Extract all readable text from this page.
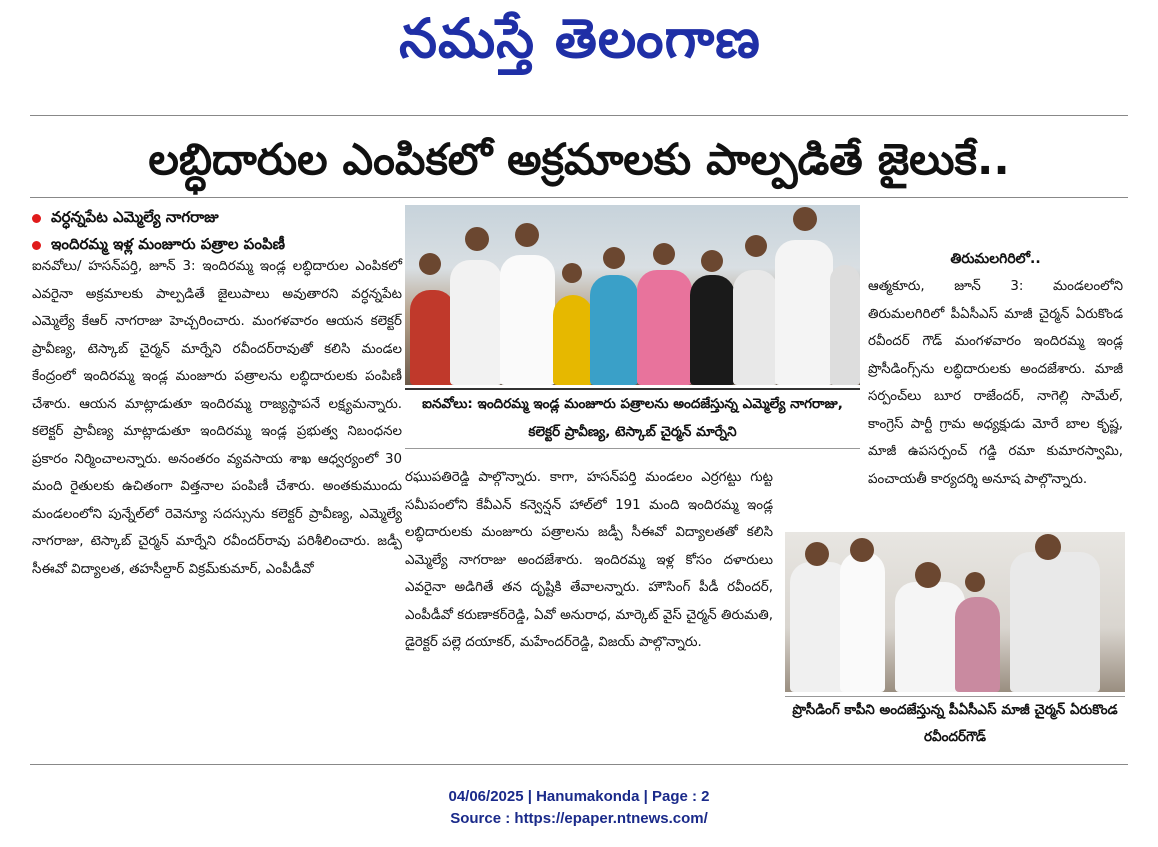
నమస్తే తెలంగాణ
లబ్ధిదారుల ఎంపికలో అక్రమాలకు పాల్పడితే జైలుకే..
వర్ధన్నపేట ఎమ్మెల్యే నాగరాజు
ఇందిరమ్మ ఇళ్ల మంజూరు పత్రాల పంపిణీ

ఐనవోలు/ హసన్‌పర్తి, జూన్ 3: ఇందిరమ్మ ఇండ్ల లబ్ధిదారుల ఎంపికలో ఎవరైనా అక్రమాలకు పాల్పడితే జైలుపాలు అవుతారని వర్ధన్నపేట ఎమ్మెల్యే కేఆర్ నాగరాజు హెచ్చరించారు. మంగళవారం ఆయన కలెక్టర్ ప్రావీణ్య, టెస్కాబ్ చైర్మన్ మార్నేని రవీందర్‌రావుతో కలిసి మండల కేంద్రంలో ఇందిరమ్మ ఇండ్ల మంజూరు పత్రాలను లబ్ధిదారులకు పంపిణీ చేశారు. ఆయన మాట్లాడుతూ ఇందిరమ్మ రాజ్యస్థాపనే లక్ష్యమన్నారు. కలెక్టర్ ప్రావీణ్య మాట్లాడుతూ ఇందిరమ్మ ఇండ్ల ప్రభుత్వ నిబంధనల ప్రకారం నిర్మించాలన్నారు. అనంతరం వ్యవసాయ శాఖ ఆధ్వర్యంలో 30 మంది రైతులకు ఉచితంగా విత్తనాల పంపిణీ చేశారు. అంతకుముందు మండలంలోని పున్నేల్‌లో రెవెన్యూ సదస్సును కలెక్టర్ ప్రావీణ్య, ఎమ్మెల్యే నాగరాజు, టెస్కాబ్ చైర్మన్ మార్నేని రవీందర్‌రావు పరిశీలించారు. జడ్పీ సీఈవో విద్యాలత, తహసీల్దార్ విక్రమ్‌కుమార్, ఎంపీడీవో

ఐనవోలు: ఇందిరమ్మ ఇండ్ల మంజూరు పత్రాలను అందజేస్తున్న ఎమ్మెల్యే నాగరాజు, కలెక్టర్ ప్రావీణ్య, టెస్కాబ్ చైర్మన్ మార్నేని

రఘుపతిరెడ్డి పాల్గొన్నారు. కాగా, హసన్‌పర్తి మండలం ఎర్రగట్టు గుట్ట సమీపంలోని కేవీఎన్ కన్వెన్షన్ హాల్‌లో 191 మంది ఇందిరమ్మ ఇండ్ల లబ్ధిదారులకు మంజూరు పత్రాలను జడ్పీ సీఈవో విద్యాలతతో కలిసి ఎమ్మెల్యే నాగరాజు అందజేశారు. ఇందిరమ్మ ఇళ్ల కోసం దళారులు ఎవరైనా అడిగితే తన దృష్టికి తేవాలన్నారు. హౌసింగ్ పీడీ రవీందర్, ఎంపీడీవో కరుణాకర్‌రెడ్డి, ఏవో అనురాధ, మార్కెట్ వైస్ చైర్మన్ తిరుమతి, డైరెక్టర్ పల్లె దయాకర్, మహేందర్‌రెడ్డి, విజయ్ పాల్గొన్నారు.

తిరుమలగిరిలో..

ఆత్మకూరు, జూన్ 3: మండలంలోని తిరుమలగిరిలో పీఏసీఎస్ మాజీ చైర్మన్ ఏరుకొండ రవీందర్ గౌడ్ మంగళవారం ఇందిరమ్మ ఇండ్ల ప్రొసీడింగ్స్‌ను లబ్ధిదారులకు అందజేశారు. మాజీ సర్పంచ్‌లు బూర రాజేందర్, నాగెల్లి సామేల్, కాంగ్రెస్ పార్టీ గ్రామ అధ్యక్షుడు మోరే బాల కృష్ణ, మాజీ ఉపసర్పంచ్ గడ్డి రమా కుమారస్వామి, పంచాయతీ కార్యదర్శి అనూష పాల్గొన్నారు.

ప్రొసీడింగ్ కాపీని అందజేస్తున్న పీఏసీఎస్ మాజీ చైర్మన్ ఏరుకొండ రవీందర్‌గౌడ్
04/06/2025 | Hanumakonda | Page : 2
Source : https://epaper.ntnews.com/
